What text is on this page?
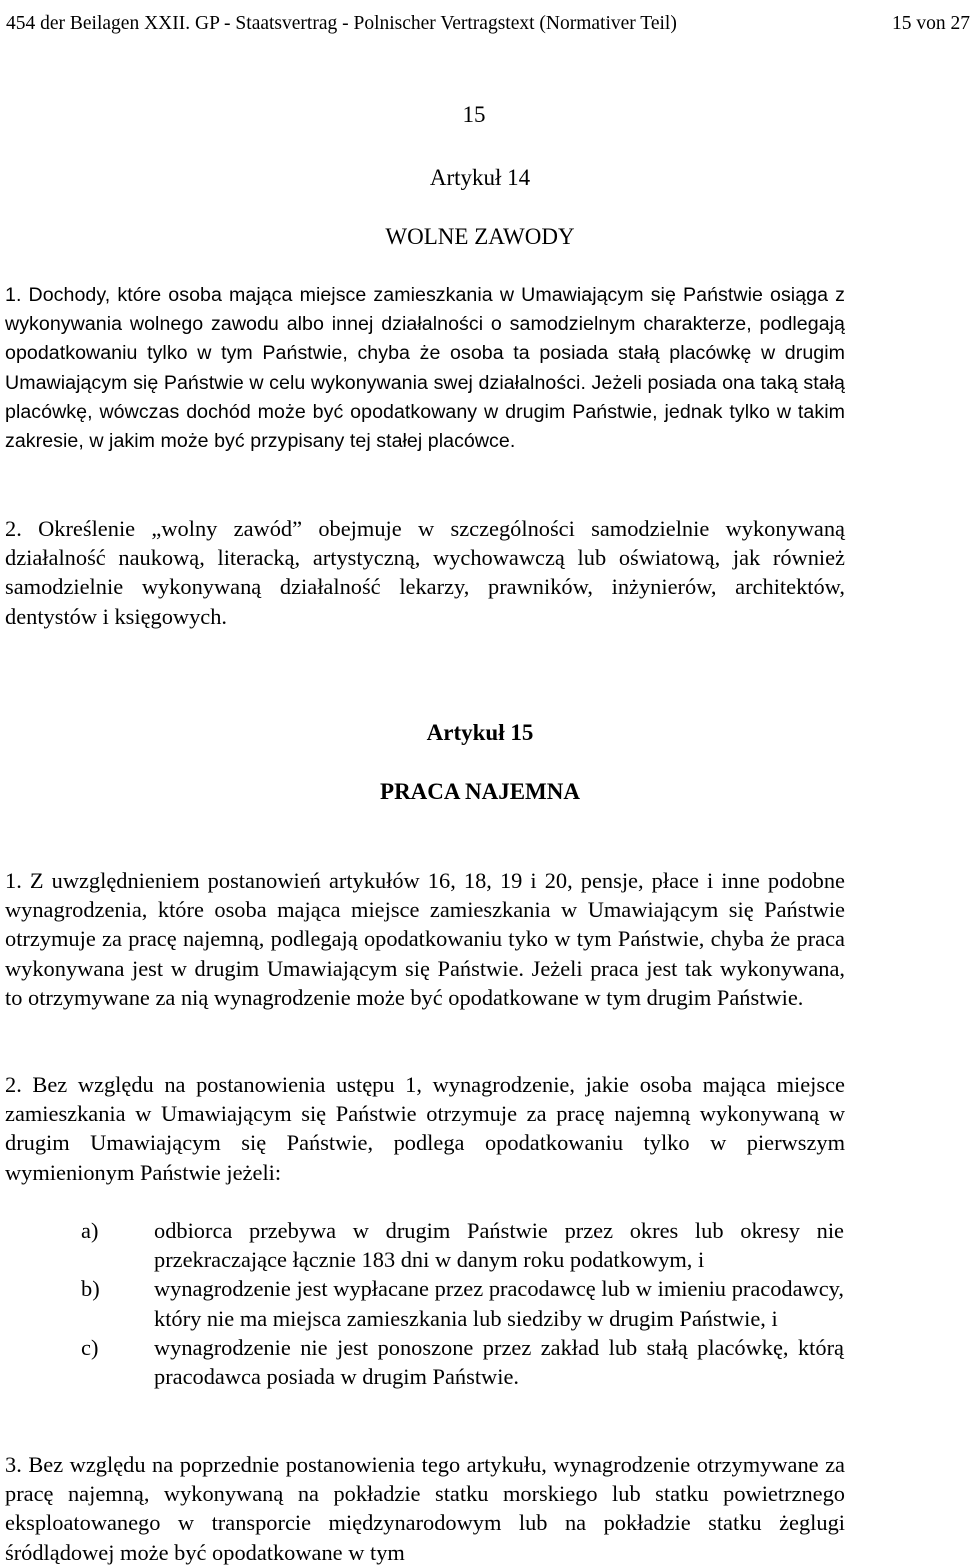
454 der Beilagen XXII. GP - Staatsvertrag - Polnischer Vertragstext (Normativer Teil)	15 von 27
15
Artykuł 14
WOLNE ZAWODY

1. Dochody, które osoba mająca miejsce zamieszkania w Umawiającym się Państwie osiąga z wykonywania wolnego zawodu albo innej działalności o samodzielnym charakterze, podlegają opodatkowaniu tylko w tym Państwie, chyba że osoba ta posiada stałą placówkę w drugim Umawiającym się Państwie w celu wykonywania swej działalności. Jeżeli posiada ona taką stałą placówkę, wówczas dochód może być opodatkowany w drugim Państwie, jednak tylko w takim zakresie, w jakim może być przypisany tej stałej placówce.

2. Określenie „wolny zawód” obejmuje w szczególności samodzielnie wykonywaną działalność naukową, literacką, artystyczną, wychowawczą lub oświatową, jak również samodzielnie wykonywaną działalność lekarzy, prawników, inżynierów, architektów, dentystów i księgowych.

Artykuł 15
PRACA NAJEMNA

1. Z uwzględnieniem postanowień artykułów 16, 18, 19 i 20, pensje, płace i inne podobne wynagrodzenia, które osoba mająca miejsce zamieszkania w Umawiającym się Państwie otrzymuje za pracę najemną, podlegają opodatkowaniu tyko w tym Państwie, chyba że praca wykonywana jest w drugim Umawiającym się Państwie. Jeżeli praca jest tak wykonywana, to otrzymywane za nią wynagrodzenie może być opodatkowane w tym drugim Państwie.

2. Bez względu na postanowienia ustępu 1, wynagrodzenie, jakie osoba mająca miejsce zamieszkania w Umawiającym się Państwie otrzymuje za pracę najemną wykonywaną w drugim Umawiającym się Państwie, podlega opodatkowaniu tylko w pierwszym wymienionym Państwie jeżeli:

a) odbiorca przebywa w drugim Państwie przez okres lub okresy nie przekraczające łącznie 183 dni w danym roku podatkowym, i
b) wynagrodzenie jest wypłacane przez pracodawcę lub w imieniu pracodawcy, który nie ma miejsca zamieszkania lub siedziby w drugim Państwie, i
c) wynagrodzenie nie jest ponoszone przez zakład lub stałą placówkę, którą pracodawca posiada w drugim Państwie.

3. Bez względu na poprzednie postanowienia tego artykułu, wynagrodzenie otrzymywane za pracę najemną, wykonywaną na pokładzie statku morskiego lub statku powietrznego eksploatowanego w transporcie międzynarodowym lub na pokładzie statku żeglugi śródlądowej może być opodatkowane w tym
